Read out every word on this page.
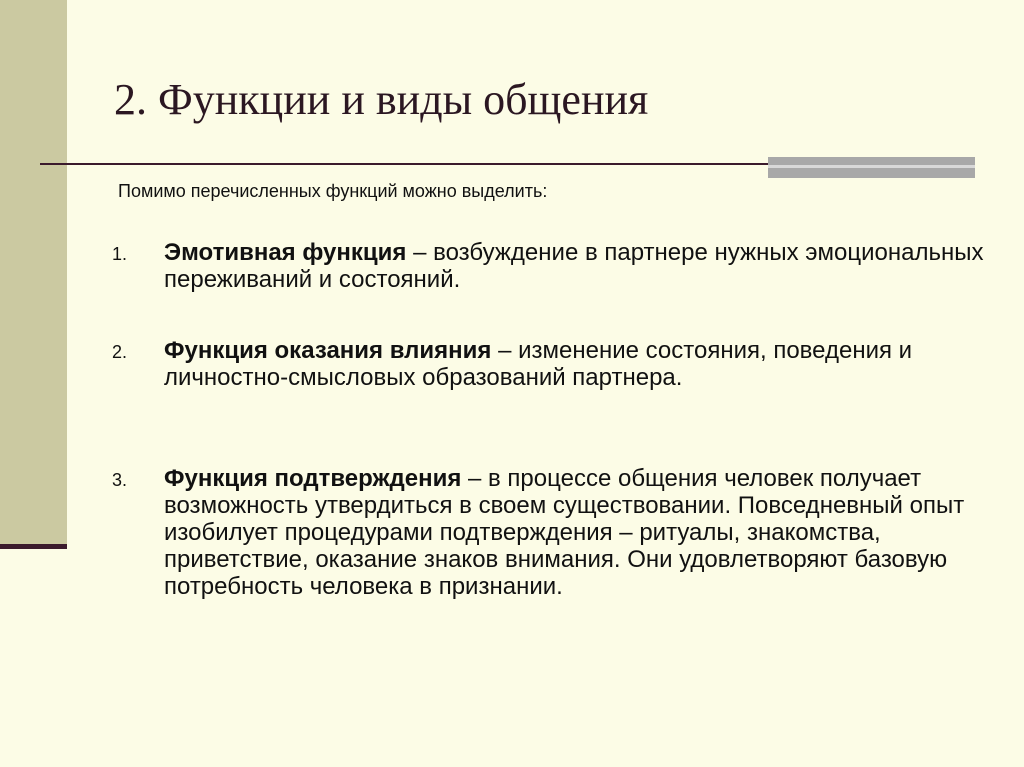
2. Функции и виды общения
Помимо перечисленных функций можно выделить:
1. Эмотивная функция – возбуждение в партнере нужных эмоциональных переживаний и состояний.
2. Функция оказания влияния – изменение состояния, поведения и личностно-смысловых образований партнера.
3. Функция подтверждения – в процессе общения человек получает возможность утвердиться в своем существовании. Повседневный опыт изобилует процедурами подтверждения – ритуалы, знакомства, приветствие, оказание знаков внимания. Они удовлетворяют базовую потребность человека в признании.
